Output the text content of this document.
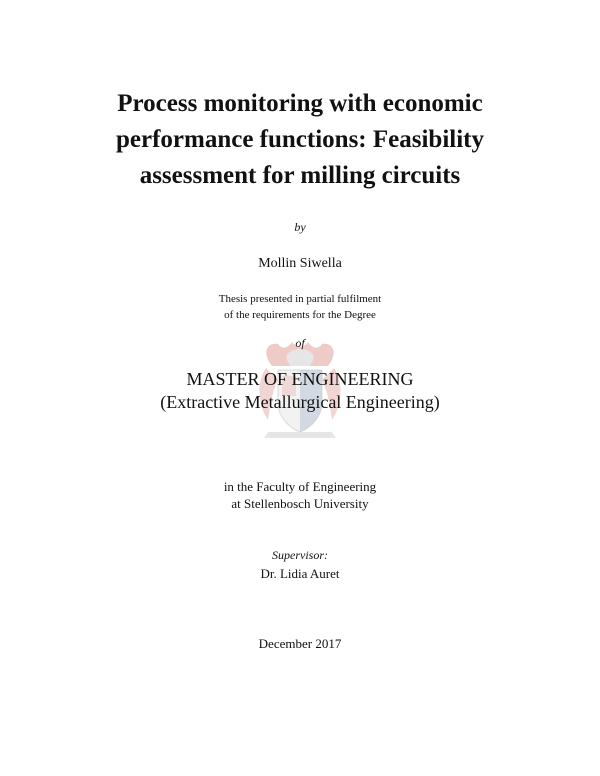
Process monitoring with economic
performance functions: Feasibility
assessment for milling circuits
by
Mollin Siwella
Thesis presented in partial fulfilment
of the requirements for the Degree
of
MASTER OF ENGINEERING
(Extractive Metallurgical Engineering)
in the Faculty of Engineering
at Stellenbosch University
Supervisor:
Dr. Lidia Auret
December 2017
